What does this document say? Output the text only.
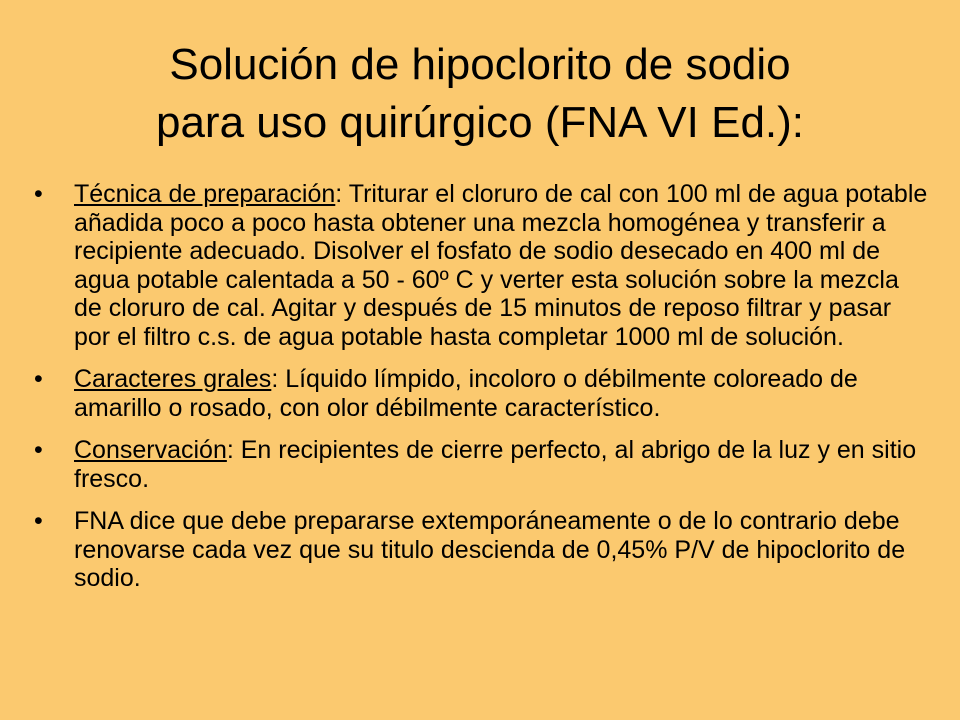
Solución de hipoclorito de sodio
para uso quirúrgico (FNA VI Ed.):
• Técnica de preparación: Triturar el cloruro de cal con 100 ml de agua potable añadida poco a poco hasta obtener una mezcla homogénea y transferir a recipiente adecuado. Disolver el fosfato de sodio desecado en 400 ml de agua potable calentada a 50 - 60º C y verter esta solución sobre la mezcla de cloruro de cal. Agitar y después de 15 minutos de reposo filtrar y pasar por el filtro c.s. de agua potable hasta completar 1000 ml de solución.
• Caracteres grales: Líquido límpido, incoloro o débilmente coloreado de amarillo o rosado, con olor débilmente característico.
• Conservación: En recipientes de cierre perfecto, al abrigo de la luz y en sitio fresco.
• FNA dice que debe prepararse extemporáneamente o de lo contrario debe renovarse cada vez que su titulo descienda de 0,45% P/V de hipoclorito de sodio.
